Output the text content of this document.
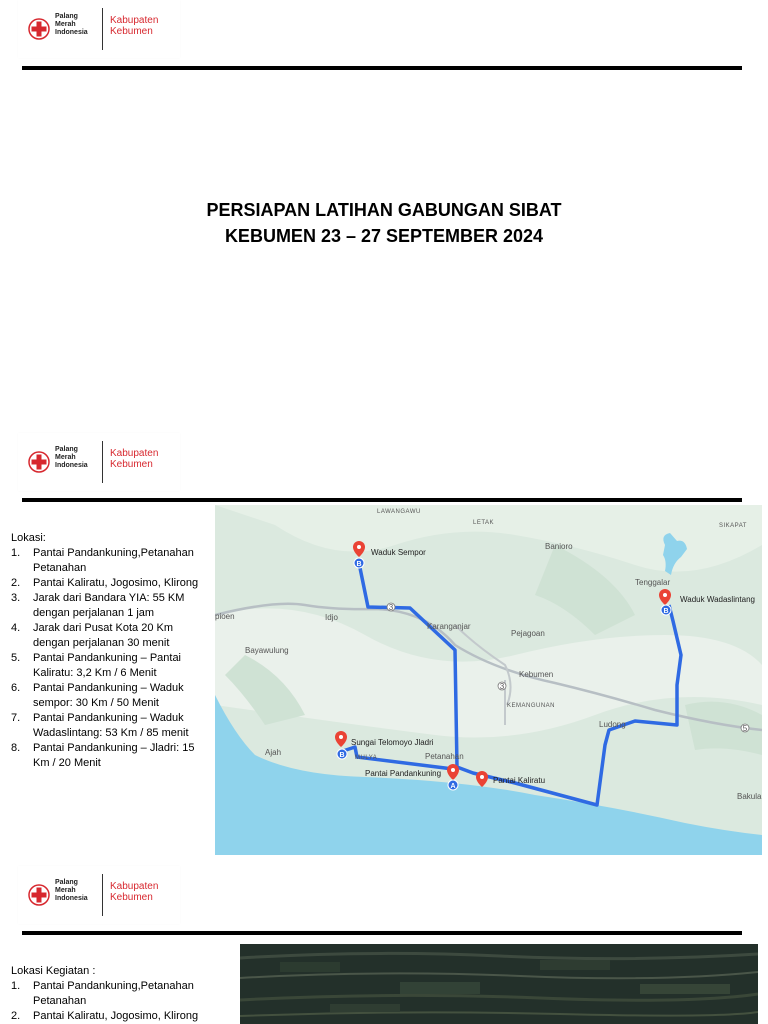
Palang
Merah
Indonesia
Kabupaten
Kebumen
PERSIAPAN LATIHAN GABUNGAN SIBAT
KEBUMEN 23 – 27 SEPTEMBER 2024
Palang
Merah
Indonesia
Kabupaten
Kebumen
Lokasi:
1. Pantai Pandankuning,Petanahan Petanahan
2. Pantai Kaliratu, Jogosimo, Klirong
3. Jarak dari Bandara YIA: 55 KM dengan perjalanan 1 jam
4. Jarak dari Pusat Kota 20 Km dengan perjalanan 30 menit
5. Pantai Pandankuning – Pantai Kaliratu: 3,2 Km / 6 Menit
6. Pantai Pandankuning – Waduk sempor: 30 Km / 50 Menit
7. Pantai Pandankuning – Waduk Wadaslintang: 53 Km / 85 menit
8. Pantai Pandankuning – Jladri: 15 Km / 20 Menit
3
3
5
LAWANGAWU
LETAK	SIKAPAT
Banioro
Waduk Sempor
Tenggalar
Waduk Wadaslintang
pioen	Idjo
Karanganjar
Pejagoan
Bayawulung
Kebumen
KEMANGUNAN
Ludong
Ajah
Sungai Telomoyo Jladri
Petanahan
MULYA
Pantai Pandankuning
Pantai Kaliratu
Bakula
B
B
B
A
Palang
Merah
Indonesia
Kabupaten
Kebumen
Lokasi Kegiatan :
1. Pantai Pandankuning,Petanahan Petanahan
2. Pantai Kaliratu, Jogosimo, Klirong
